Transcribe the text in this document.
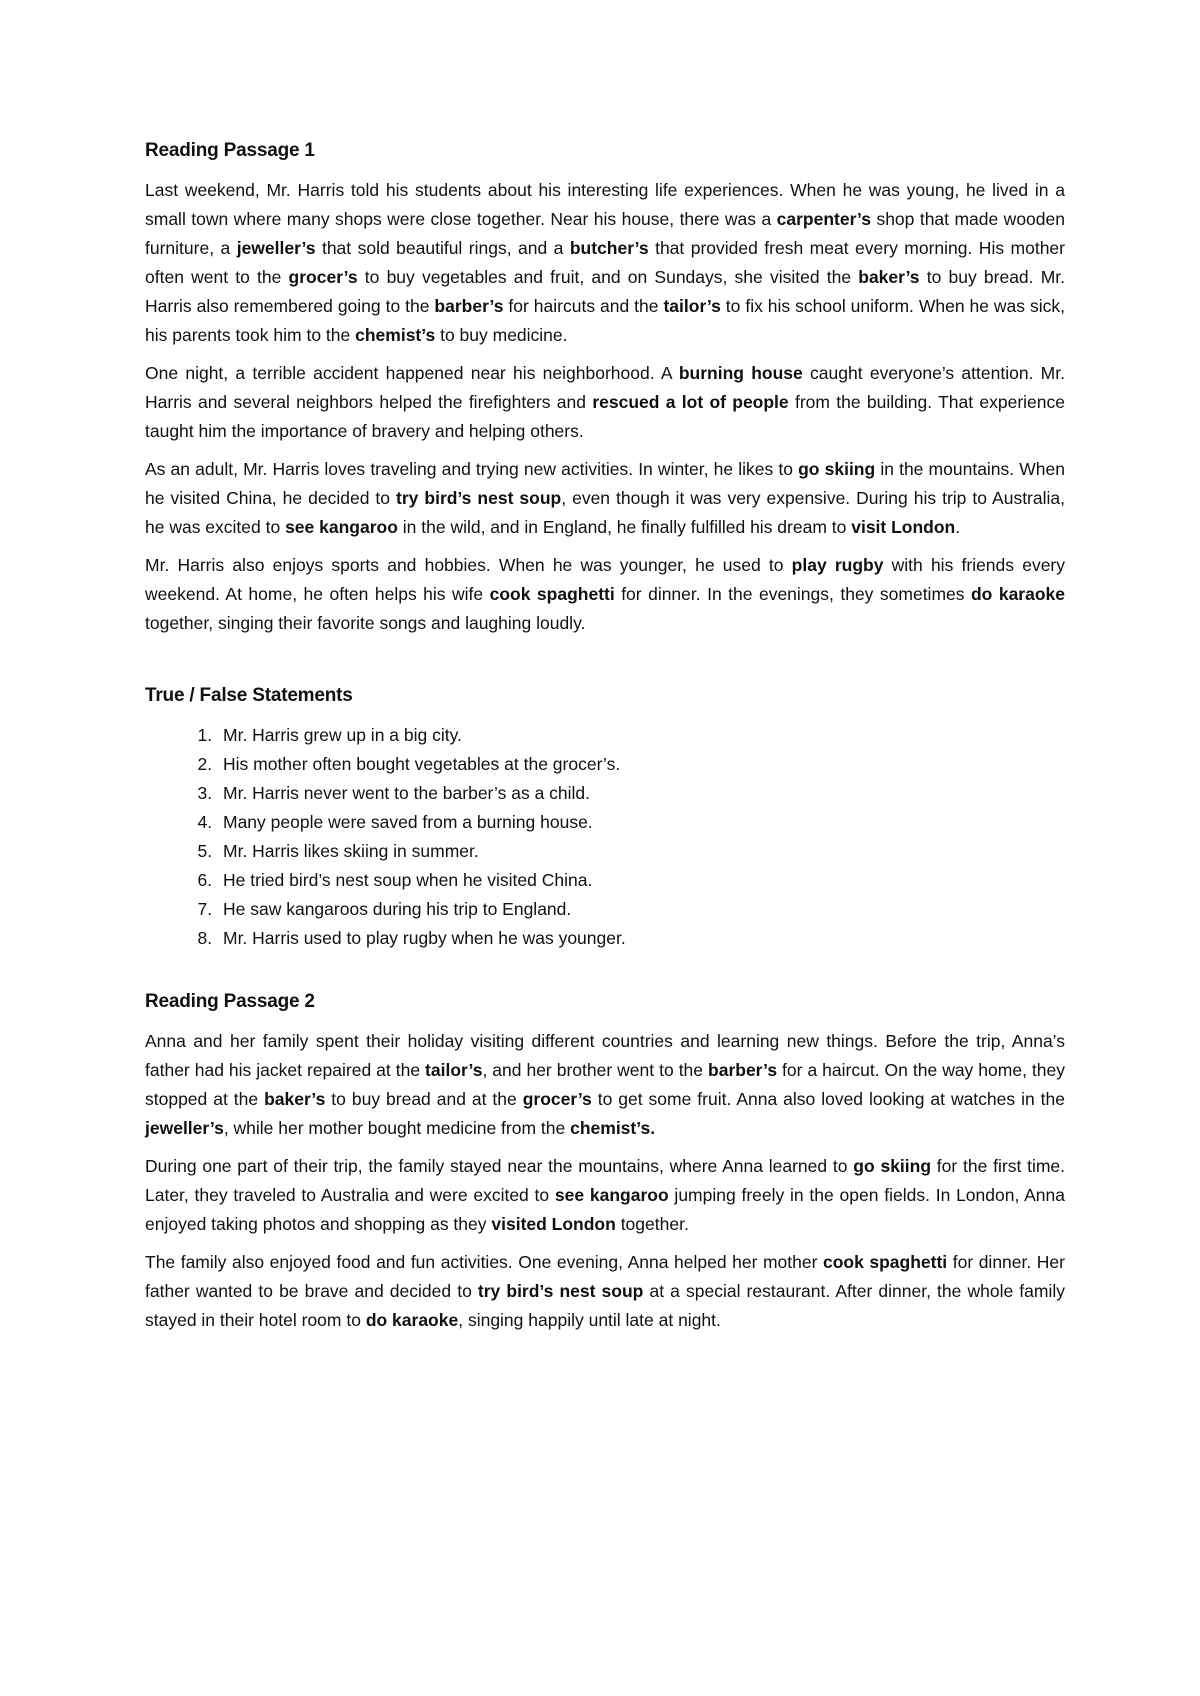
Reading Passage 1

Last weekend, Mr. Harris told his students about his interesting life experiences. When he was young, he lived in a small town where many shops were close together. Near his house, there was a carpenter’s shop that made wooden furniture, a jeweller’s that sold beautiful rings, and a butcher’s that provided fresh meat every morning. His mother often went to the grocer’s to buy vegetables and fruit, and on Sundays, she visited the baker’s to buy bread. Mr. Harris also remembered going to the barber’s for haircuts and the tailor’s to fix his school uniform. When he was sick, his parents took him to the chemist’s to buy medicine.

One night, a terrible accident happened near his neighborhood. A burning house caught everyone’s attention. Mr. Harris and several neighbors helped the firefighters and rescued a lot of people from the building. That experience taught him the importance of bravery and helping others.

As an adult, Mr. Harris loves traveling and trying new activities. In winter, he likes to go skiing in the mountains. When he visited China, he decided to try bird’s nest soup, even though it was very expensive. During his trip to Australia, he was excited to see kangaroo in the wild, and in England, he finally fulfilled his dream to visit London.

Mr. Harris also enjoys sports and hobbies. When he was younger, he used to play rugby with his friends every weekend. At home, he often helps his wife cook spaghetti for dinner. In the evenings, they sometimes do karaoke together, singing their favorite songs and laughing loudly.

True / False Statements
1. Mr. Harris grew up in a big city.
2. His mother often bought vegetables at the grocer’s.
3. Mr. Harris never went to the barber’s as a child.
4. Many people were saved from a burning house.
5. Mr. Harris likes skiing in summer.
6. He tried bird’s nest soup when he visited China.
7. He saw kangaroos during his trip to England.
8. Mr. Harris used to play rugby when he was younger.
Reading Passage 2

Anna and her family spent their holiday visiting different countries and learning new things. Before the trip, Anna’s father had his jacket repaired at the tailor’s, and her brother went to the barber’s for a haircut. On the way home, they stopped at the baker’s to buy bread and at the grocer’s to get some fruit. Anna also loved looking at watches in the jeweller’s, while her mother bought medicine from the chemist’s.

During one part of their trip, the family stayed near the mountains, where Anna learned to go skiing for the first time. Later, they traveled to Australia and were excited to see kangaroo jumping freely in the open fields. In London, Anna enjoyed taking photos and shopping as they visited London together.

The family also enjoyed food and fun activities. One evening, Anna helped her mother cook spaghetti for dinner. Her father wanted to be brave and decided to try bird’s nest soup at a special restaurant. After dinner, the whole family stayed in their hotel room to do karaoke, singing happily until late at night.
